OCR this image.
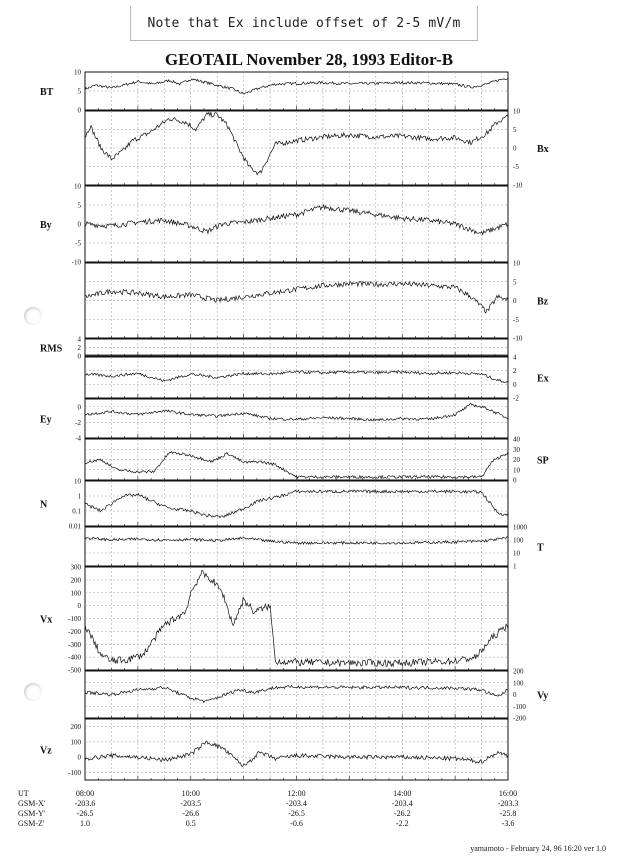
Note that Ex include offset of 2-5 mV/m
GEOTAIL November 28, 1993 Editor-B
10
5
0
BT
10
5
0
-5
-10
Bx
10
5
0
-5
-10
By
10
5
0
-5
-10
Bz
4
2
0
RMS
4
2
0
-2
Ex
0
-2
-4
Ey
40
30
20
10
0
SP
10
1
0.1
0.01
N
1000
100
10
1
T
300
200
100
0
-100
-200
-300
-400
-500
Vx
200
100
0
-100
-200
Vy
200
100
0
-100
Vz
UT
GSM-X'
GSM-Y'
GSM-Z'
08:00
-203.6
-26.5
1.0
10:00
-203.5
-26.6
0.5
12:00
-203.4
-26.5
-0.6
14:00
-203.4
-26.2
-2.2
16:00
-203.3
-25.8
-3.6
yamamoto - February 24, 96 16:20 ver 1.0
